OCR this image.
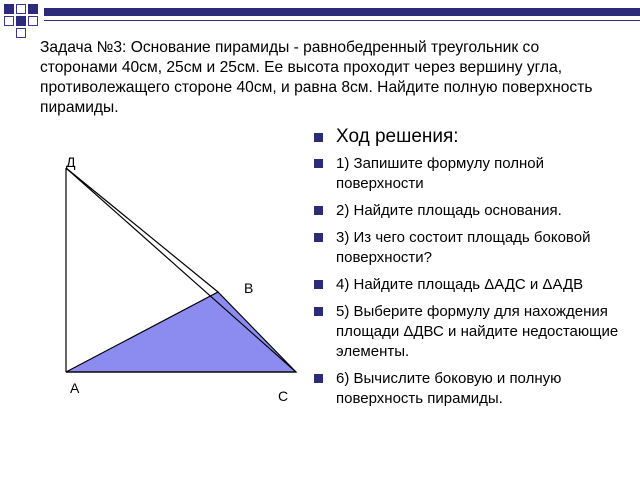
Задача №3: Основание пирамиды - равнобедренный треугольник со сторонами 40см, 25см и 25см. Ее высота проходит через вершину угла, противолежащего стороне 40см, и равна 8см. Найдите полную поверхность пирамиды.

Ход решения:
1) Запишите формулу полной поверхности
2) Найдите площадь основания.
3) Из чего состоит площадь боковой поверхности?
4) Найдите площадь ΔАДС и ΔАДВ
5) Выберите формулу для нахождения площади ΔДВС и найдите недостающие элементы.
6) Вычислите боковую и полную поверхность пирамиды.
Д
В
А	С
